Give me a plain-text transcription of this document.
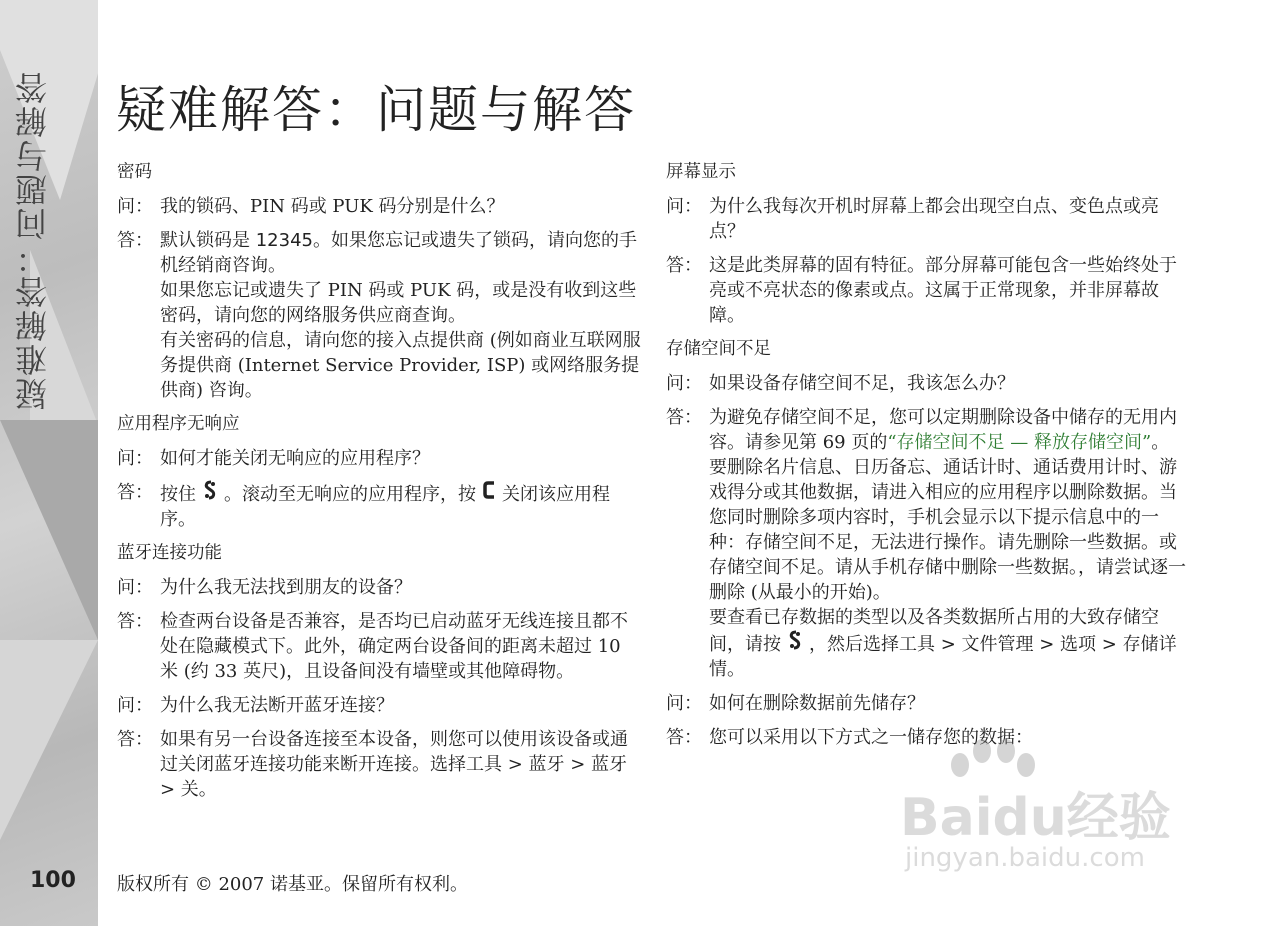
疑难解答：问题与解答
100
疑难解答：问题与解答
密码
问： 我的锁码、PIN 码或 PUK 码分别是什么？
答： 默认锁码是 12345。如果您忘记或遗失了锁码，请向您的手机经销商咨询。
如果您忘记或遗失了 PIN 码或 PUK 码，或是没有收到这些密码，请向您的网络服务供应商查询。
有关密码的信息，请向您的接入点提供商 (例如商业互联网服务提供商 (Internet Service Provider, ISP) 或网络服务提供商) 咨询。
应用程序无响应
问： 如何才能关闭无响应的应用程序？
答： 按住 。滚动至无响应的应用程序，按 关闭该应用程序。
蓝牙连接功能
问： 为什么我无法找到朋友的设备？
答： 检查两台设备是否兼容，是否均已启动蓝牙无线连接且都不处在隐藏模式下。此外，确定两台设备间的距离未超过 10 米 (约 33 英尺)，且设备间没有墙壁或其他障碍物。
问： 为什么我无法断开蓝牙连接？
答： 如果有另一台设备连接至本设备，则您可以使用该设备或通过关闭蓝牙连接功能来断开连接。选择工具 > 蓝牙 > 蓝牙 > 关。
屏幕显示
问： 为什么我每次开机时屏幕上都会出现空白点、变色点或亮点？
答： 这是此类屏幕的固有特征。部分屏幕可能包含一些始终处于亮或不亮状态的像素或点。这属于正常现象，并非屏幕故障。
存储空间不足
问： 如果设备存储空间不足，我该怎么办？
答： 为避免存储空间不足，您可以定期删除设备中储存的无用内容。请参见第 69 页的“存储空间不足 — 释放存储空间”。
要删除名片信息、日历备忘、通话计时、通话费用计时、游戏得分或其他数据，请进入相应的应用程序以删除数据。当您同时删除多项内容时，手机会显示以下提示信息中的一种：存储空间不足，无法进行操作。请先删除一些数据。或存储空间不足。请从手机存储中删除一些数据。，请尝试逐一删除 (从最小的开始)。
要查看已存数据的类型以及各类数据所占用的大致存储空间，请按 ，然后选择工具 > 文件管理 > 选项 > 存储详情。
问： 如何在删除数据前先储存？
答： 您可以采用以下方式之一储存您的数据：
版权所有 © 2007 诺基亚。保留所有权利。
Baidu经验
jingyan.baidu.com
